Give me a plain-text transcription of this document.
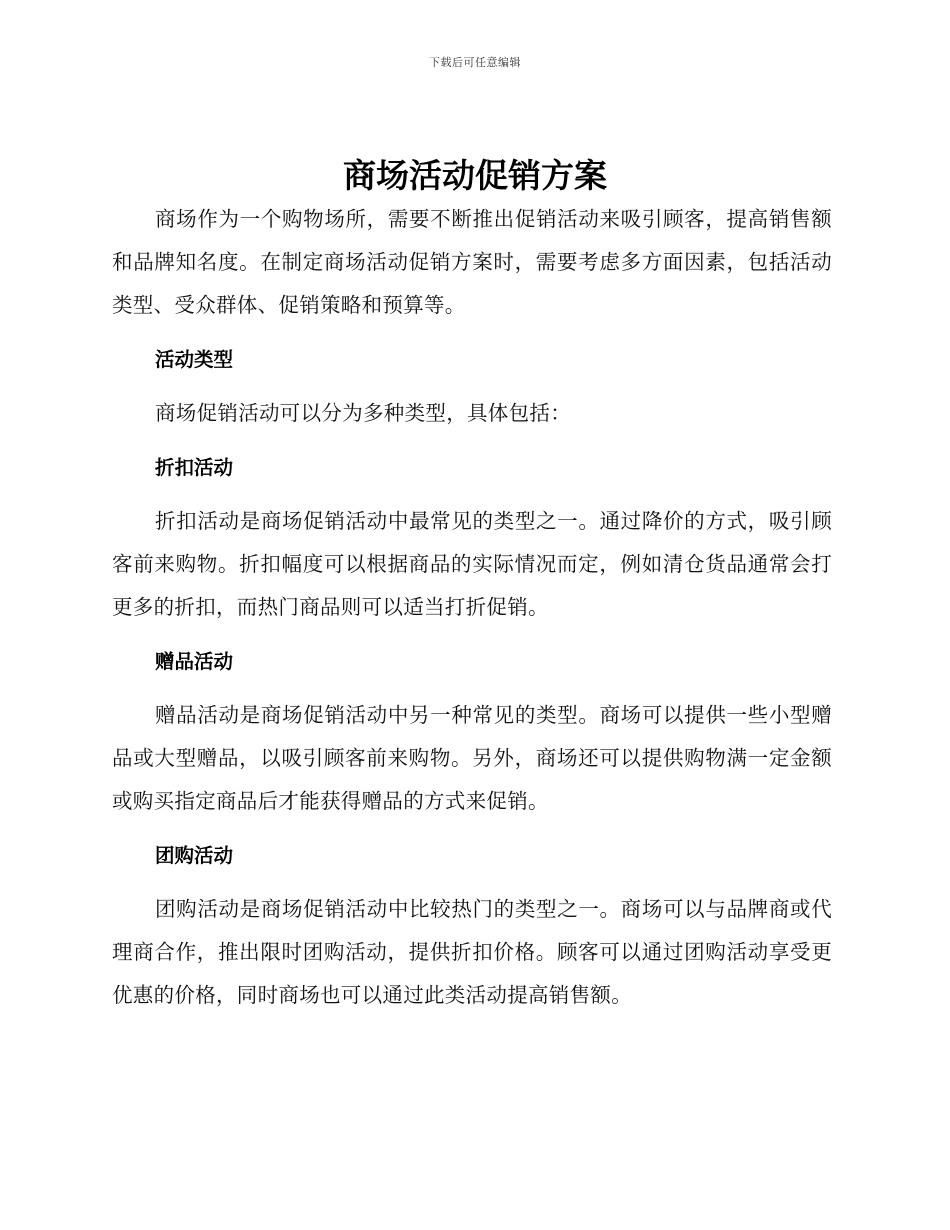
下载后可任意编辑
商场活动促销方案

商场作为一个购物场所，需要不断推出促销活动来吸引顾客，提高销售额和品牌知名度。在制定商场活动促销方案时，需要考虑多方面因素，包括活动类型、受众群体、促销策略和预算等。

活动类型

商场促销活动可以分为多种类型，具体包括：

折扣活动

折扣活动是商场促销活动中最常见的类型之一。通过降价的方式，吸引顾客前来购物。折扣幅度可以根据商品的实际情况而定，例如清仓货品通常会打更多的折扣，而热门商品则可以适当打折促销。

赠品活动

赠品活动是商场促销活动中另一种常见的类型。商场可以提供一些小型赠品或大型赠品，以吸引顾客前来购物。另外，商场还可以提供购物满一定金额或购买指定商品后才能获得赠品的方式来促销。

团购活动

团购活动是商场促销活动中比较热门的类型之一。商场可以与品牌商或代理商合作，推出限时团购活动，提供折扣价格。顾客可以通过团购活动享受更优惠的价格，同时商场也可以通过此类活动提高销售额。
